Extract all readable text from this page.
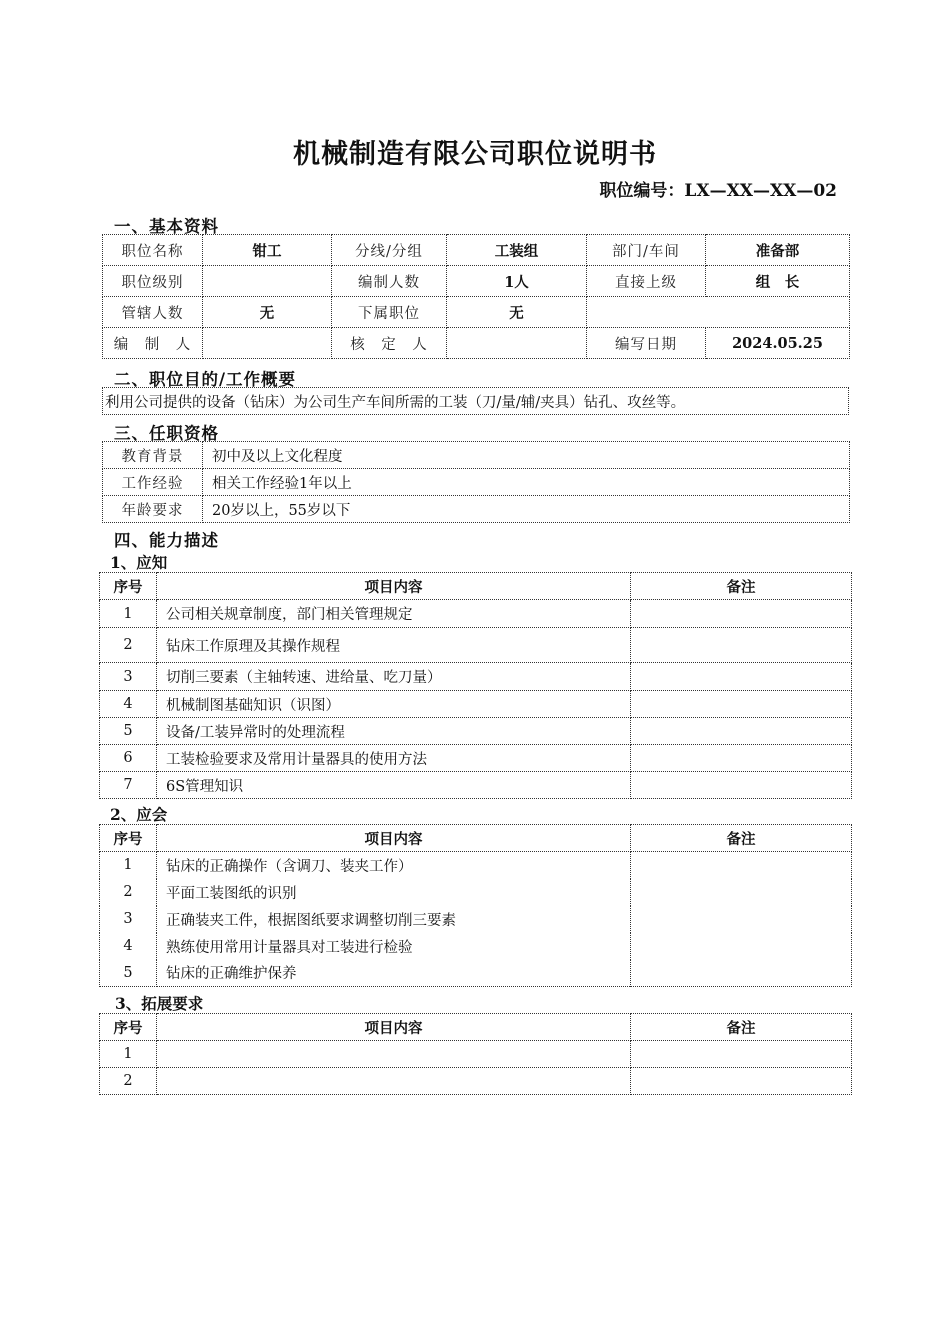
机械制造有限公司职位说明书
职位编号：LX—XX—XX—02
一、基本资料
职位名称	钳工	分线/分组	工装组	部门/车间	准备部
职位级别		编制人数	1人	直接上级	组　长
管辖人数	无	下属职位	无		
编　制　人		核　定　人		编写日期	2024.05.25
二、职位目的/工作概要
利用公司提供的设备（钻床）为公司生产车间所需的工装（刀/量/辅/夹具）钻孔、攻丝等。
三、任职资格
教育背景	初中及以上文化程度
工作经验	相关工作经验1年以上
年龄要求	20岁以上，55岁以下
四、能力描述
1、应知
序号	项目内容	备注
1	公司相关规章制度，部门相关管理规定	
2	钻床工作原理及其操作规程	
3	切削三要素（主轴转速、进给量、吃刀量）	
4	机械制图基础知识（识图）	
5	设备/工装异常时的处理流程	
6	工装检验要求及常用计量器具的使用方法	
7	6S管理知识	
2、应会
序号	项目内容	备注
1	钻床的正确操作（含调刀、装夹工作）	
2	平面工装图纸的识别	
3	正确装夹工件，根据图纸要求调整切削三要素	
4	熟练使用常用计量器具对工装进行检验	
5	钻床的正确维护保养	
3、拓展要求
序号	项目内容	备注
1		
2		
